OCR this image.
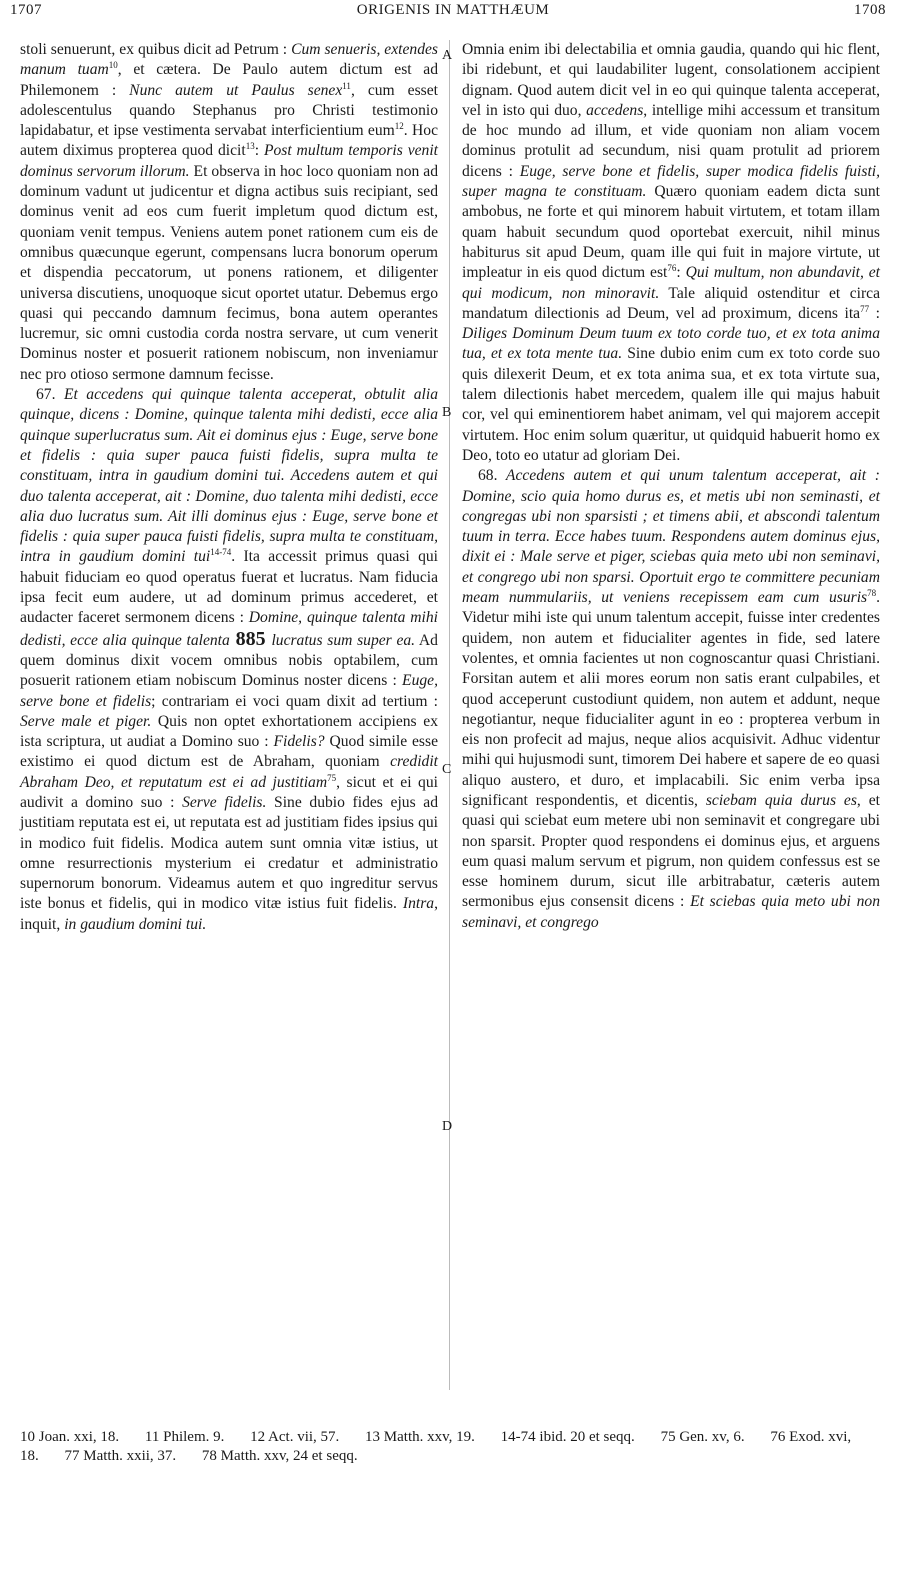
1707	ORIGENIS IN MATTHÆUM	1708
A
B
C
D

stoli senuerunt, ex quibus dicit ad Petrum : Cum senueris, extendes manum tuam$^{10}$, et cætera. De Paulo autem dictum est ad Philemonem : Nunc autem ut Paulus senex$^{11}$, cum esset adolescentulus quando Stephanus pro Christi testimonio lapidabatur, et ipse vestimenta servabat interficientium eum$^{12}$. Hoc autem diximus propterea quod dicit$^{13}$: Post multum temporis venit dominus servorum illorum. Et observa in hoc loco quoniam non ad dominum vadunt ut judicentur et digna actibus suis recipiant, sed dominus venit ad eos cum fuerit impletum quod dictum est, quoniam venit tempus. Veniens autem ponet rationem cum eis de omnibus quæcunque egerunt, compensans lucra bonorum operum et dispendia peccatorum, ut ponens rationem, et diligenter universa discutiens, unoquoque sicut oportet utatur. Debemus ergo quasi qui peccando damnum fecimus, bona autem operantes lucremur, sic omni custodia corda nostra servare, ut cum venerit Dominus noster et posuerit rationem nobiscum, non inveniamur nec pro otioso sermone damnum fecisse.

67. Et accedens qui quinque talenta acceperat, obtulit alia quinque, dicens : Domine, quinque talenta mihi dedisti, ecce alia quinque superlucratus sum. Ait ei dominus ejus : Euge, serve bone et fidelis : quia super pauca fuisti fidelis, supra multa te constituam, intra in gaudium domini tui. Accedens autem et qui duo talenta acceperat, ait : Domine, duo talenta mihi dedisti, ecce alia duo lucratus sum. Ait illi dominus ejus : Euge, serve bone et fidelis : quia super pauca fuisti fidelis, supra multa te constituam, intra in gaudium domini tui$^{14-74}$. Ita accessit primus quasi qui habuit fiduciam eo quod operatus fuerat et lucratus. Nam fiducia ipsa fecit eum audere, ut ad dominum primus accederet, et audacter faceret sermonem dicens : Domine, quinque talenta mihi dedisti, ecce alia quinque talenta 885 lucratus sum super ea. Ad quem dominus dixit vocem omnibus nobis optabilem, cum posuerit rationem etiam nobiscum Dominus noster dicens : Euge, serve bone et fidelis; contrariam ei voci quam dixit ad tertium : Serve male et piger. Quis non optet exhortationem accipiens ex ista scriptura, ut audiat a Domino suo : Fidelis? Quod simile esse existimo ei quod dictum est de Abraham, quoniam credidit Abraham Deo, et reputatum est ei ad justitiam$^{75}$, sicut et ei qui audivit a domino suo : Serve fidelis. Sine dubio fides ejus ad justitiam reputata est ei, ut reputata est ad justitiam fides ipsius qui in modico fuit fidelis. Modica autem sunt omnia vitæ istius, ut omne resurrectionis mysterium ei credatur et administratio supernorum bonorum. Videamus autem et quo ingreditur servus iste bonus et fidelis, qui in modico vitæ istius fuit fidelis. Intra, inquit, in gaudium domini tui.

Omnia enim ibi delectabilia et omnia gaudia, quando qui hic flent, ibi ridebunt, et qui laudabiliter lugent, consolationem accipient dignam. Quod autem dicit vel in eo qui quinque talenta acceperat, vel in isto qui duo, accedens, intellige mihi accessum et transitum de hoc mundo ad illum, et vide quoniam non aliam vocem dominus protulit ad secundum, nisi quam protulit ad priorem dicens : Euge, serve bone et fidelis, super modica fidelis fuisti, super magna te constituam. Quæro quoniam eadem dicta sunt ambobus, ne forte et qui minorem habuit virtutem, et totam illam quam habuit secundum quod oportebat exercuit, nihil minus habiturus sit apud Deum, quam ille qui fuit in majore virtute, ut impleatur in eis quod dictum est$^{76}$: Qui multum, non abundavit, et qui modicum, non minoravit. Tale aliquid ostenditur et circa mandatum dilectionis ad Deum, vel ad proximum, dicens ita$^{77}$ : Diliges Dominum Deum tuum ex toto corde tuo, et ex tota anima tua, et ex tota mente tua. Sine dubio enim cum ex toto corde suo quis dilexerit Deum, et ex tota anima sua, et ex tota virtute sua, talem dilectionis habet mercedem, qualem ille qui majus habuit cor, vel qui eminentiorem habet animam, vel qui majorem accepit virtutem. Hoc enim solum quæritur, ut quidquid habuerit homo ex Deo, toto eo utatur ad gloriam Dei.

68. Accedens autem et qui unum talentum acceperat, ait : Domine, scio quia homo durus es, et metis ubi non seminasti, et congregas ubi non sparsisti ; et timens abii, et abscondi talentum tuum in terra. Ecce habes tuum. Respondens autem dominus ejus, dixit ei : Male serve et piger, sciebas quia meto ubi non seminavi, et congrego ubi non sparsi. Oportuit ergo te committere pecuniam meam nummulariis, ut veniens recepissem eam cum usuris$^{78}$. Videtur mihi iste qui unum talentum accepit, fuisse inter credentes quidem, non autem et fiducialiter agentes in fide, sed latere volentes, et omnia facientes ut non cognoscantur quasi Christiani. Forsitan autem et alii mores eorum non satis erant culpabiles, et quod acceperunt custodiunt quidem, non autem et addunt, neque negotiantur, neque fiducialiter agunt in eo : propterea verbum in eis non profecit ad majus, neque alios acquisivit. Adhuc videntur mihi qui hujusmodi sunt, timorem Dei habere et sapere de eo quasi aliquo austero, et duro, et implacabili. Sic enim verba ipsa significant respondentis, et dicentis, sciebam quia durus es, et quasi qui sciebat eum metere ubi non seminavit et congregare ubi non sparsit. Propter quod respondens ei dominus ejus, et arguens eum quasi malum servum et pigrum, non quidem confessus est se esse hominem durum, sicut ille arbitrabatur, cæteris autem sermonibus ejus consensit dicens : Et sciebas quia meto ubi non seminavi, et congrego

10 Joan. xxi, 18. 11 Philem. 9. 12 Act. vii, 57. 13 Matth. xxv, 19. 14-74 ibid. 20 et seqq. 75 Gen. xv, 6. 76 Exod. xvi, 18. 77 Matth. xxii, 37. 78 Matth. xxv, 24 et seqq.
